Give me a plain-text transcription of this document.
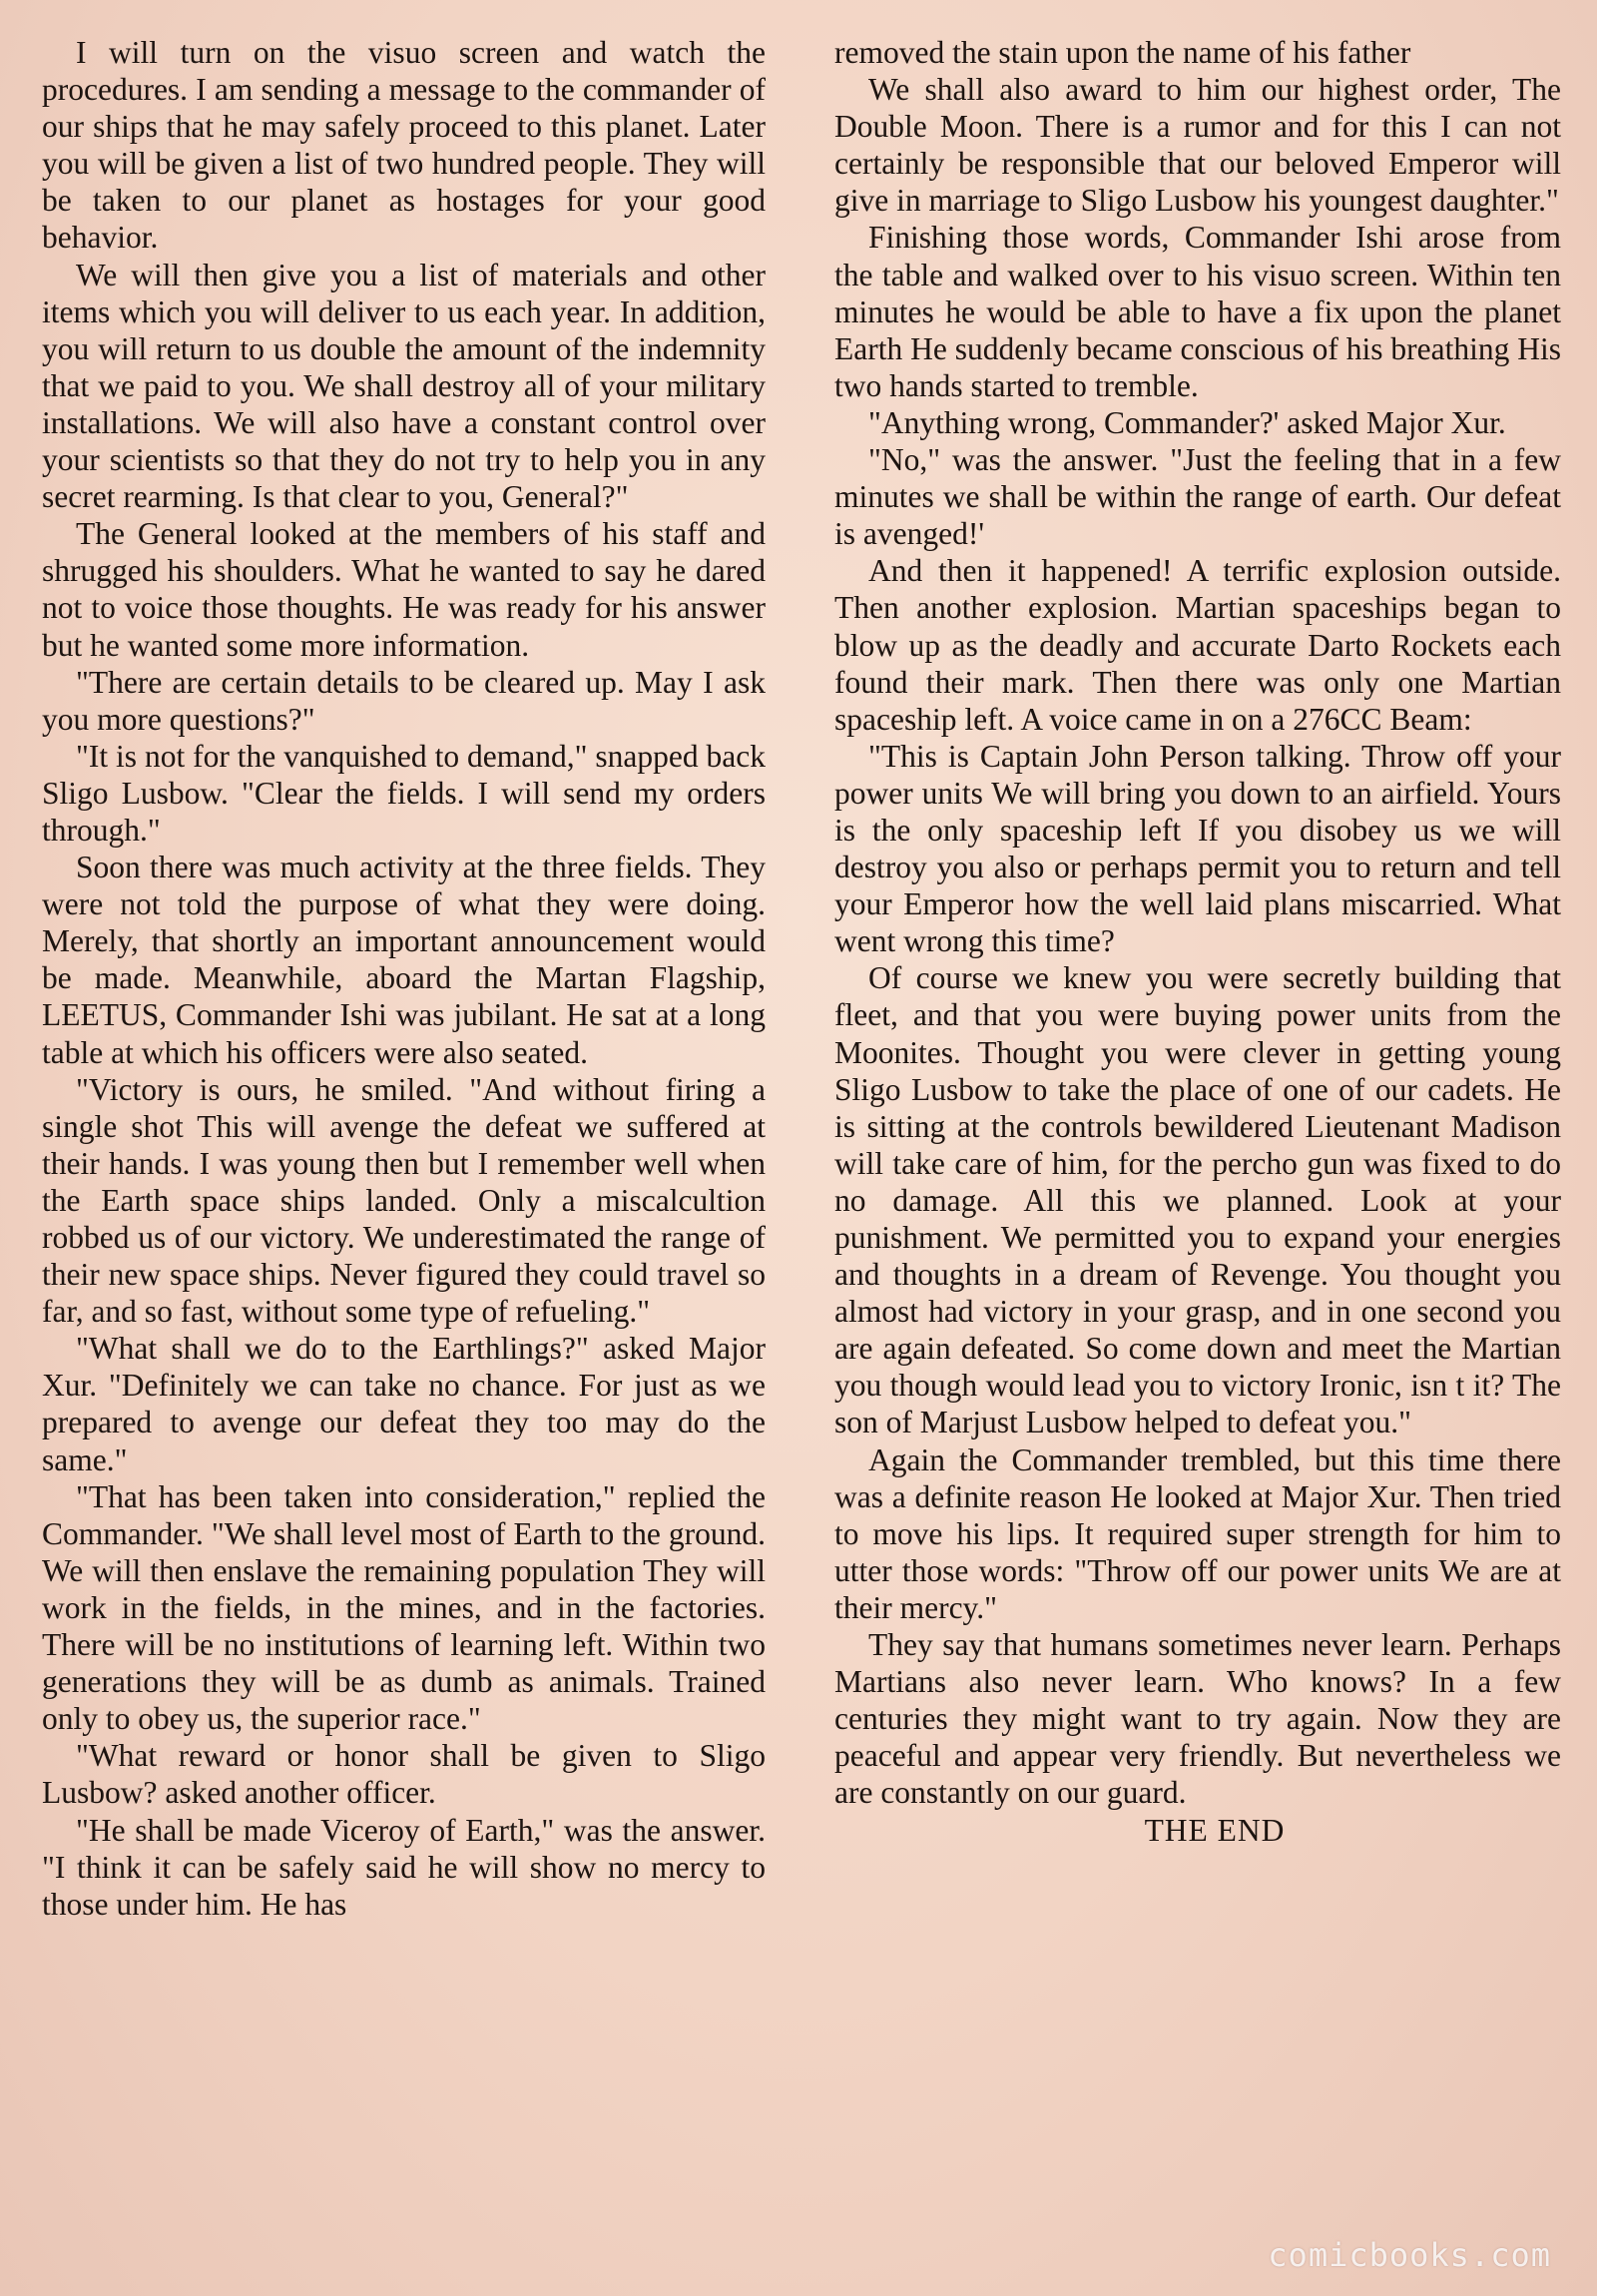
I will turn on the visuo screen and watch the procedures. I am sending a message to the commander of our ships that he may safely proceed to this planet. Later you will be given a list of two hundred people. They will be taken to our planet as hostages for your good behavior.

We will then give you a list of materials and other items which you will deliver to us each year. In addition, you will return to us double the amount of the indemnity that we paid to you. We shall destroy all of your military installations. We will also have a constant control over your scientists so that they do not try to help you in any secret rearming. Is that clear to you, General?"

The General looked at the members of his staff and shrugged his shoulders. What he wanted to say he dared not to voice those thoughts. He was ready for his answer but he wanted some more information.

"There are certain details to be cleared up. May I ask you more questions?"

"It is not for the vanquished to demand," snapped back Sligo Lusbow. "Clear the fields. I will send my orders through."

Soon there was much activity at the three fields. They were not told the purpose of what they were doing. Merely, that shortly an important announcement would be made. Meanwhile, aboard the Martan Flagship, LEETUS, Commander Ishi was jubilant. He sat at a long table at which his officers were also seated.

"Victory is ours, he smiled. "And without firing a single shot This will avenge the defeat we suffered at their hands. I was young then but I remember well when the Earth space ships landed. Only a miscalcultion robbed us of our victory. We underestimated the range of their new space ships. Never figured they could travel so far, and so fast, without some type of refueling."

"What shall we do to the Earthlings?" asked Major Xur. "Definitely we can take no chance. For just as we prepared to avenge our defeat they too may do the same."

"That has been taken into consideration," replied the Commander. "We shall level most of Earth to the ground. We will then enslave the remaining population They will work in the fields, in the mines, and in the factories. There will be no institutions of learning left. Within two generations they will be as dumb as animals. Trained only to obey us, the superior race."

"What reward or honor shall be given to Sligo Lusbow? asked another officer.

"He shall be made Viceroy of Earth," was the answer. "I think it can be safely said he will show no mercy to those under him. He has

removed the stain upon the name of his father

We shall also award to him our highest order, The Double Moon. There is a rumor and for this I can not certainly be responsible that our beloved Emperor will give in marriage to Sligo Lusbow his youngest daughter."

Finishing those words, Commander Ishi arose from the table and walked over to his visuo screen. Within ten minutes he would be able to have a fix upon the planet Earth He suddenly became conscious of his breathing His two hands started to tremble.

"Anything wrong, Commander?' asked Major Xur.

"No," was the answer. "Just the feeling that in a few minutes we shall be within the range of earth. Our defeat is avenged!'

And then it happened! A terrific explosion outside. Then another explosion. Martian spaceships began to blow up as the deadly and accurate Darto Rockets each found their mark. Then there was only one Martian spaceship left. A voice came in on a 276CC Beam:

"This is Captain John Person talking. Throw off your power units We will bring you down to an airfield. Yours is the only spaceship left If you disobey us we will destroy you also or perhaps permit you to return and tell your Emperor how the well laid plans miscarried. What went wrong this time?

Of course we knew you were secretly building that fleet, and that you were buying power units from the Moonites. Thought you were clever in getting young Sligo Lusbow to take the place of one of our cadets. He is sitting at the controls bewildered Lieutenant Madison will take care of him, for the percho gun was fixed to do no damage. All this we planned. Look at your punishment. We permitted you to expand your energies and thoughts in a dream of Revenge. You thought you almost had victory in your grasp, and in one second you are again defeated. So come down and meet the Martian you though would lead you to victory Ironic, isn t it? The son of Marjust Lusbow helped to defeat you."

Again the Commander trembled, but this time there was a definite reason He looked at Major Xur. Then tried to move his lips. It required super strength for him to utter those words: "Throw off our power units We are at their mercy."

They say that humans sometimes never learn. Perhaps Martians also never learn. Who knows? In a few centuries they might want to try again. Now they are peaceful and appear very friendly. But nevertheless we are constantly on our guard.

THE END

comicbooks.com
